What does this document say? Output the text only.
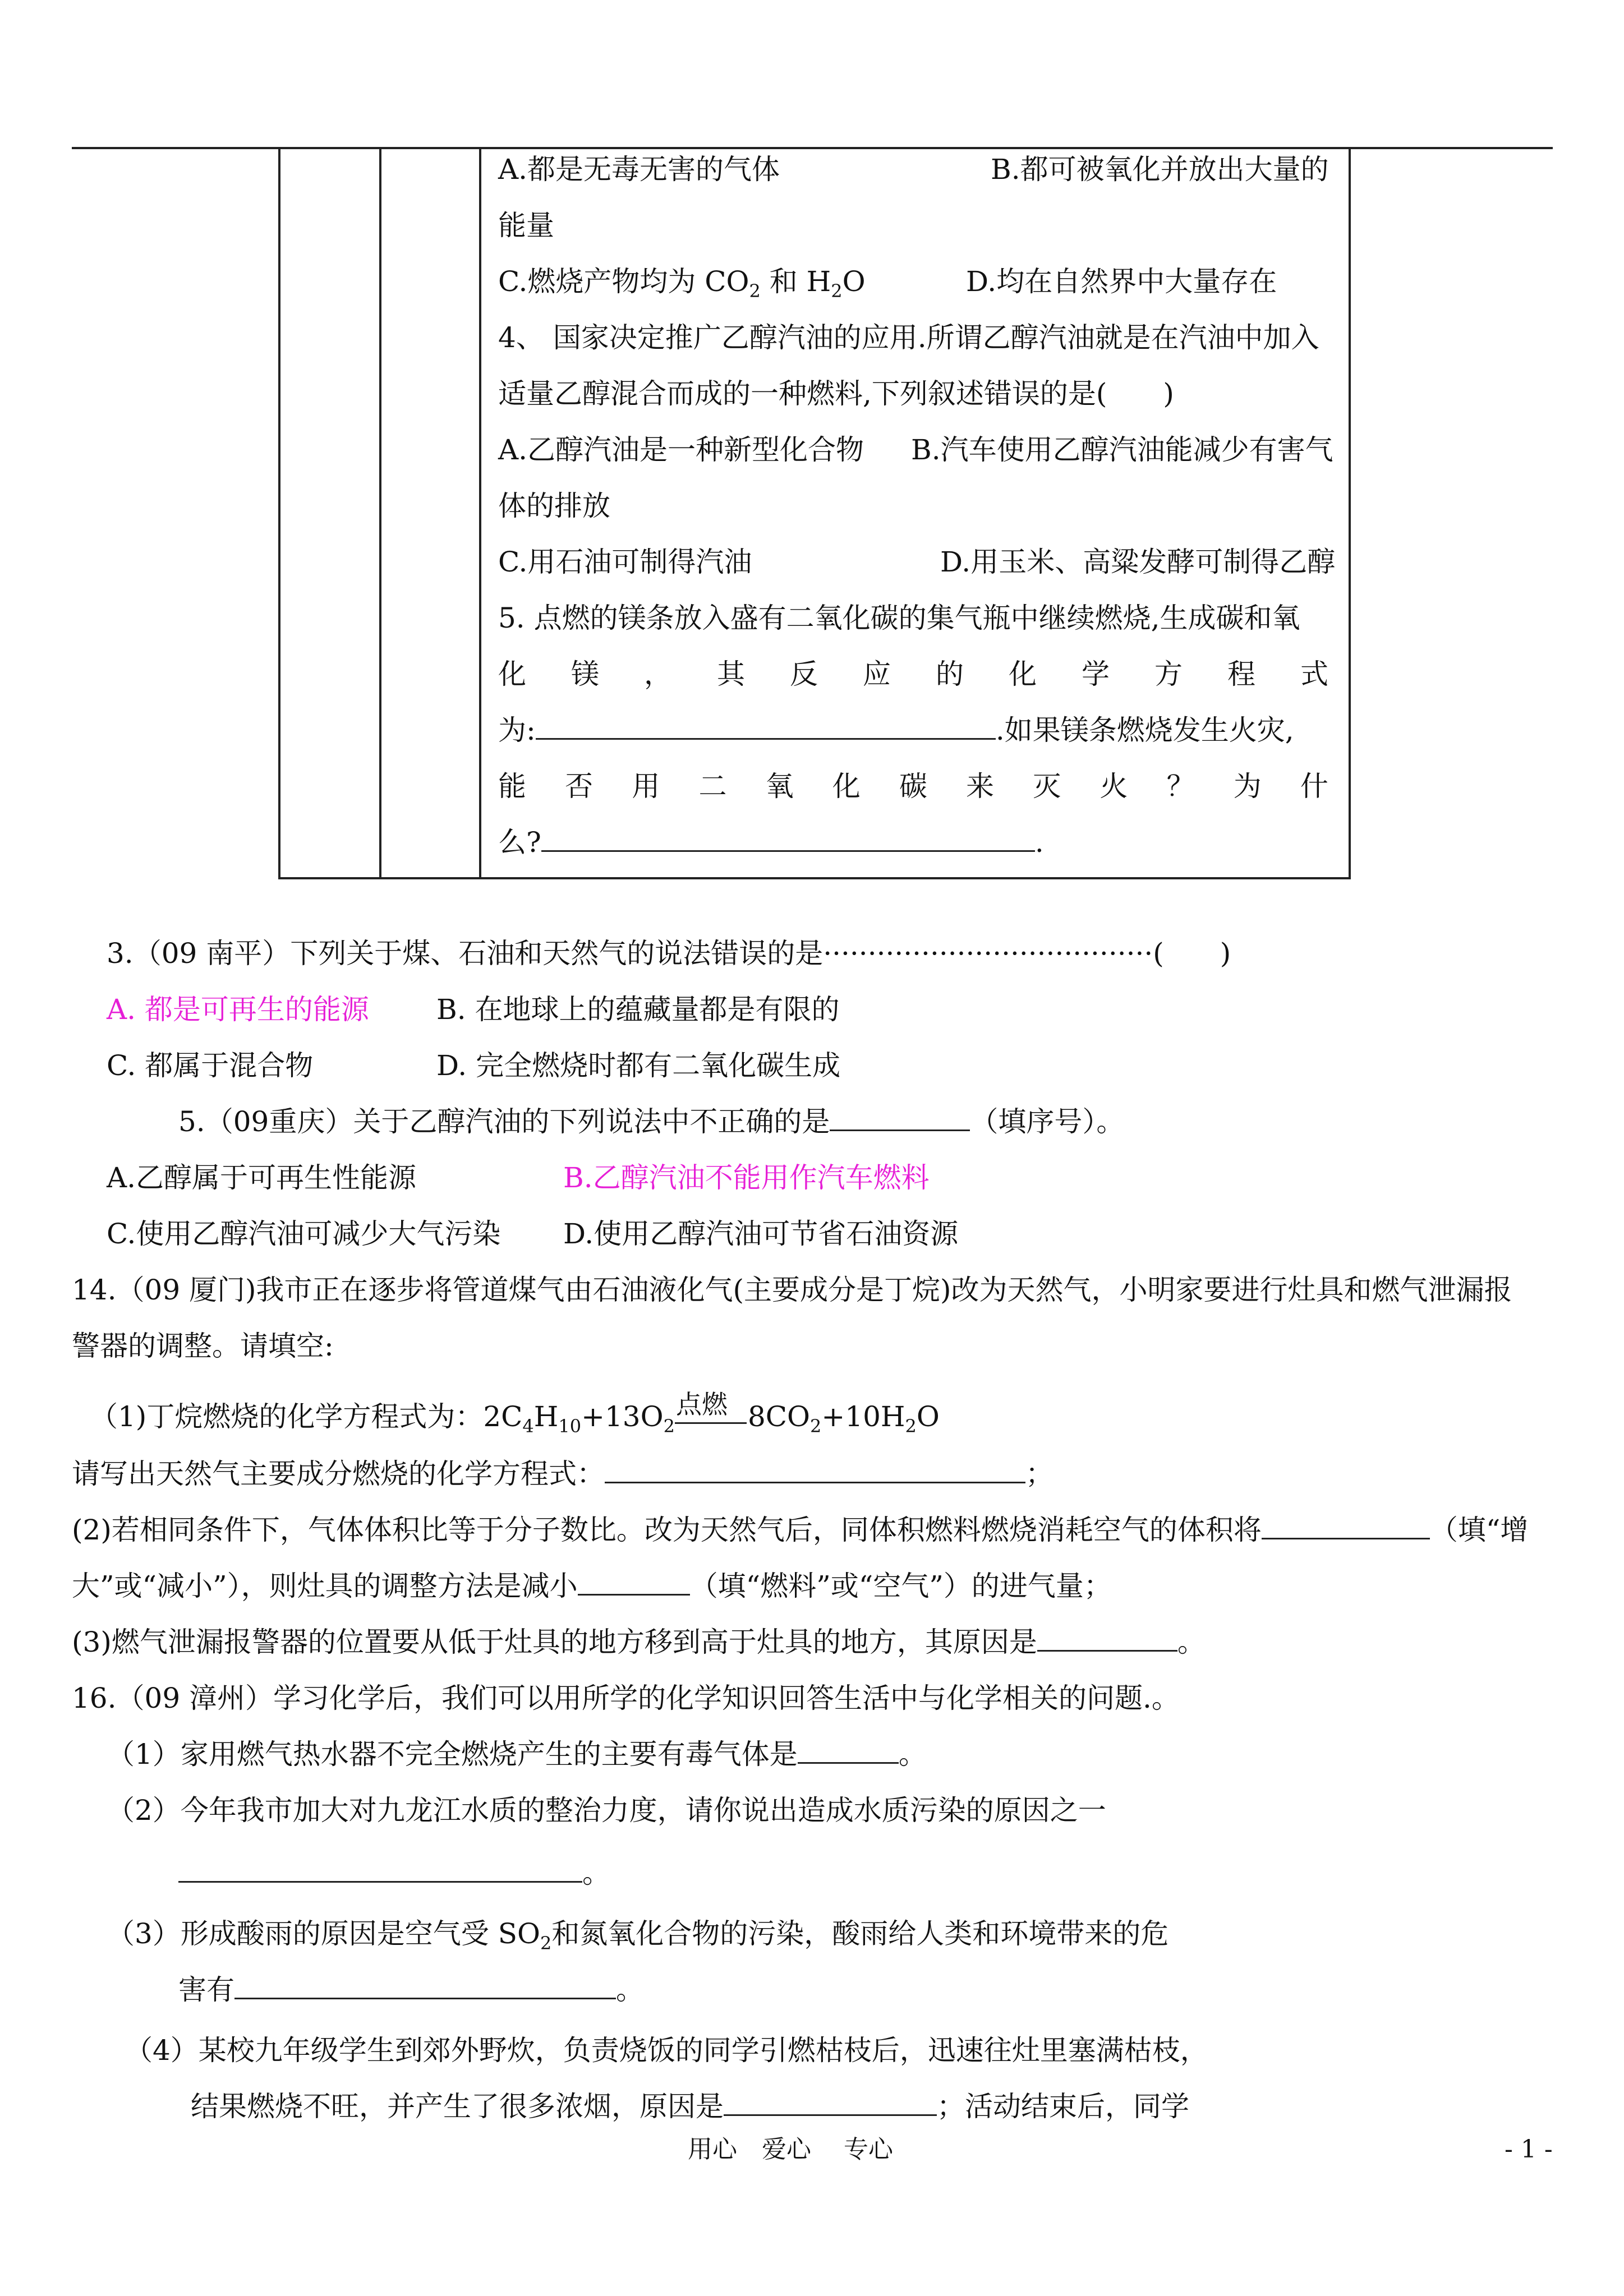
A.都是无毒无害的气体	B.都可被氧化并放出大量的
能量
C.燃烧产物均为 $CO_2$ 和 $H_2O$	D.均在自然界中大量存在
4、 国家决定推广乙醇汽油的应用.所谓乙醇汽油就是在汽油中加入
适量乙醇混合而成的一种燃料,下列叙述错误的是(　　)
A.乙醇汽油是一种新型化合物 B.汽车使用乙醇汽油能减少有害气
体的排放
C.用石油可制得汽油	D.用玉米、高粱发酵可制得乙醇
5. 点燃的镁条放入盛有二氧化碳的集气瓶中继续燃烧,生成碳和氧
化 镁 ， 其 反 应 的 化 学 方 程 式
为:	.如果镁条燃烧发生火灾,
能 否 用 二 氧 化 碳 来 灭 火 ？ 为 什
么?	.
3.（09 南平）下列关于煤、石油和天然气的说法错误的是·····································(　　)
A. 都是可再生的能源 B. 在地球上的蕴藏量都是有限的
C. 都属于混合物	D. 完全燃烧时都有二氧化碳生成
5.（09重庆）关于乙醇汽油的下列说法中不正确的是	（填序号）。
A.乙醇属于可再生性能源	B.乙醇汽油不能用作汽车燃料
C.使用乙醇汽油可减少大气污染 D.使用乙醇汽油可节省石油资源
14.（09 厦门)我市正在逐步将管道煤气由石油液化气(主要成分是丁烷)改为天然气，小明家要进行灶具和燃气泄漏报
警器的调整。请填空:
（1)丁烷燃烧的化学方程式为：$2C_4H_{10}+13O_2$
点燃 $8CO_2+10H_2O$
请写出天然气主要成分燃烧的化学方程式：	；
(2)若相同条件下，气体体积比等于分子数比。改为天然气后，同体积燃料燃烧消耗空气的体积将	（填“增
大”或“减小”），则灶具的调整方法是减小	（填“燃料”或“空气”）的进气量；
(3)燃气泄漏报警器的位置要从低于灶具的地方移到高于灶具的地方，其原因是	。
16.（09 漳州）学习化学后，我们可以用所学的化学知识回答生活中与化学相关的问题.。
（1）家用燃气热水器不完全燃烧产生的主要有毒气体是	。
（2）今年我市加大对九龙江水质的整治力度，请你说出造成水质污染的原因之一
。
（3）形成酸雨的原因是空气受 $SO_2$和氮氧化合物的污染，酸雨给人类和环境带来的危
害有	。
（4）某校九年级学生到郊外野炊，负责烧饭的同学引燃枯枝后，迅速往灶里塞满枯枝，
结果燃烧不旺，并产生了很多浓烟，原因是	；活动结束后，同学
用心　爱心　 专心	- 1 -
